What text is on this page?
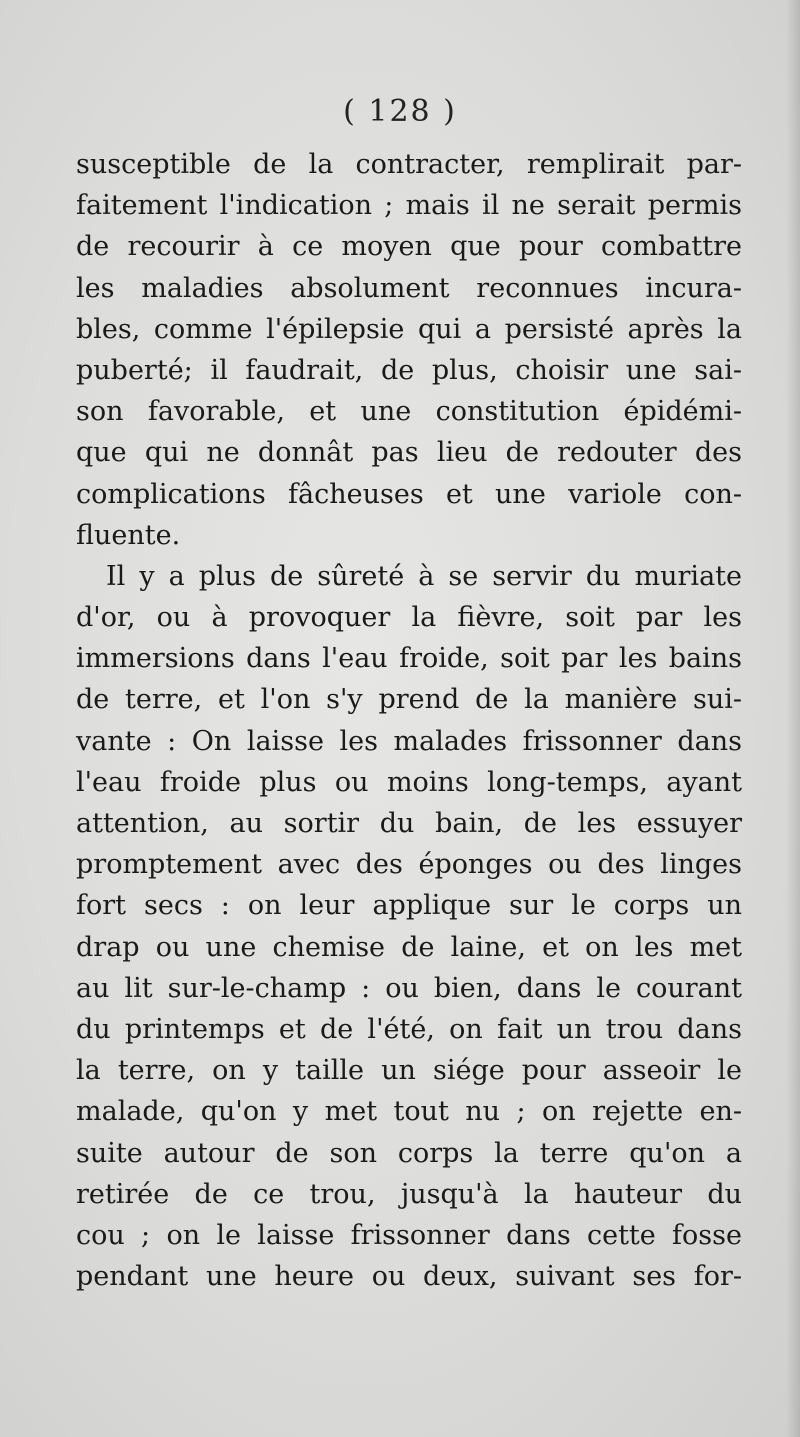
( 128 )
susceptible de la contracter, remplirait par-
faitement l'indication ; mais il ne serait permis
de recourir à ce moyen que pour combattre
les maladies absolument reconnues incura-
bles, comme l'épilepsie qui a persisté après la
puberté; il faudrait, de plus, choisir une sai-
son favorable, et une constitution épidémi-
que qui ne donnât pas lieu de redouter des
complications fâcheuses et une variole con-
fluente.
Il y a plus de sûreté à se servir du muriate
d'or, ou à provoquer la fièvre, soit par les
immersions dans l'eau froide, soit par les bains
de terre, et l'on s'y prend de la manière sui-
vante : On laisse les malades frissonner dans
l'eau froide plus ou moins long-temps, ayant
attention, au sortir du bain, de les essuyer
promptement avec des éponges ou des linges
fort secs : on leur applique sur le corps un
drap ou une chemise de laine, et on les met
au lit sur-le-champ : ou bien, dans le courant
du printemps et de l'été, on fait un trou dans
la terre, on y taille un siége pour asseoir le
malade, qu'on y met tout nu ; on rejette en-
suite autour de son corps la terre qu'on a
retirée de ce trou, jusqu'à la hauteur du
cou ; on le laisse frissonner dans cette fosse
pendant une heure ou deux, suivant ses for-
